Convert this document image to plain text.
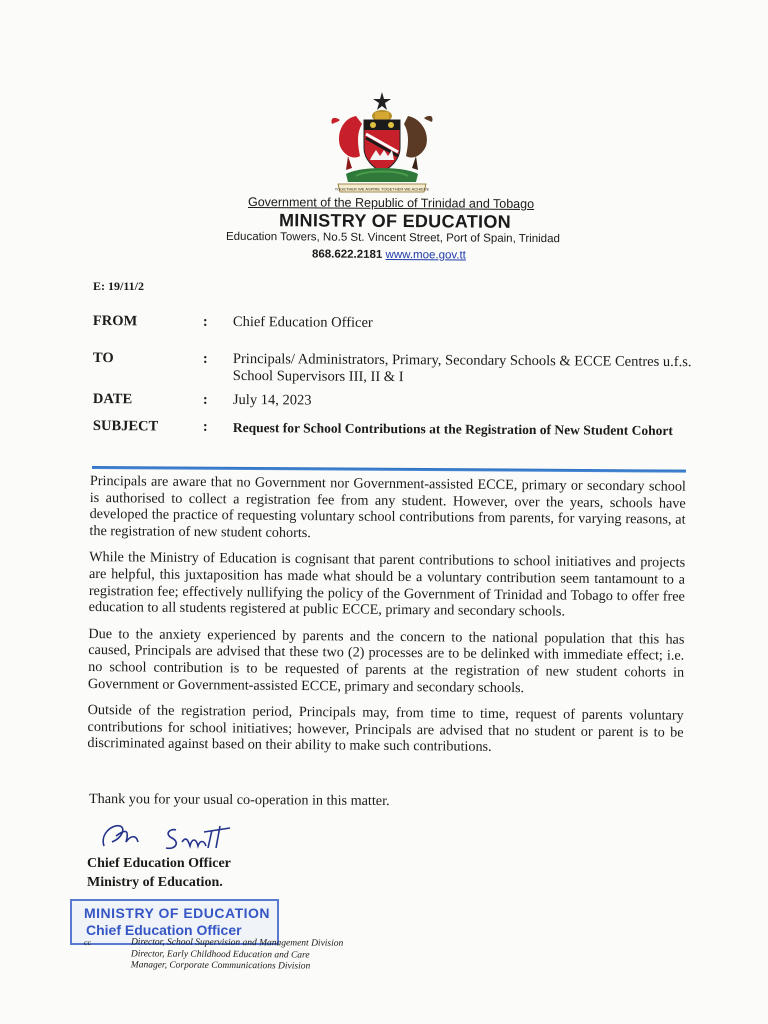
TOGETHER WE ASPIRE TOGETHER WE ACHIEVE
Government of the Republic of Trinidad and Tobago
MINISTRY OF EDUCATION
Education Towers, No.5 St. Vincent Street, Port of Spain, Trinidad
868.622.2181 www.moe.gov.tt
E: 19/11/2
FROM	: Chief Education Officer
TO	: Principals/ Administrators, Primary, Secondary Schools & ECCE Centres u.f.s. School Supervisors III, II & I
DATE	: July 14, 2023
SUBJECT	: Request for School Contributions at the Registration of New Student Cohort

Principals are aware that no Government nor Government-assisted ECCE, primary or secondary school is authorised to collect a registration fee from any student. However, over the years, schools have developed the practice of requesting voluntary school contributions from parents, for varying reasons, at the registration of new student cohorts.

While the Ministry of Education is cognisant that parent contributions to school initiatives and projects are helpful, this juxtaposition has made what should be a voluntary contribution seem tantamount to a registration fee; effectively nullifying the policy of the Government of Trinidad and Tobago to offer free education to all students registered at public ECCE, primary and secondary schools.

Due to the anxiety experienced by parents and the concern to the national population that this has caused, Principals are advised that these two (2) processes are to be delinked with immediate effect; i.e. no school contribution is to be requested of parents at the registration of new student cohorts in Government or Government-assisted ECCE, primary and secondary schools.

Outside of the registration period, Principals may, from time to time, request of parents voluntary contributions for school initiatives; however, Principals are advised that no student or parent is to be discriminated against based on their ability to make such contributions.

Thank you for your usual co-operation in this matter.
Chief Education Officer
Ministry of Education.
MINISTRY OF EDUCATION
Chief Education Officer
cc	Director, School Supervision and Management Division
Director, Early Childhood Education and Care
Manager, Corporate Communications Division
